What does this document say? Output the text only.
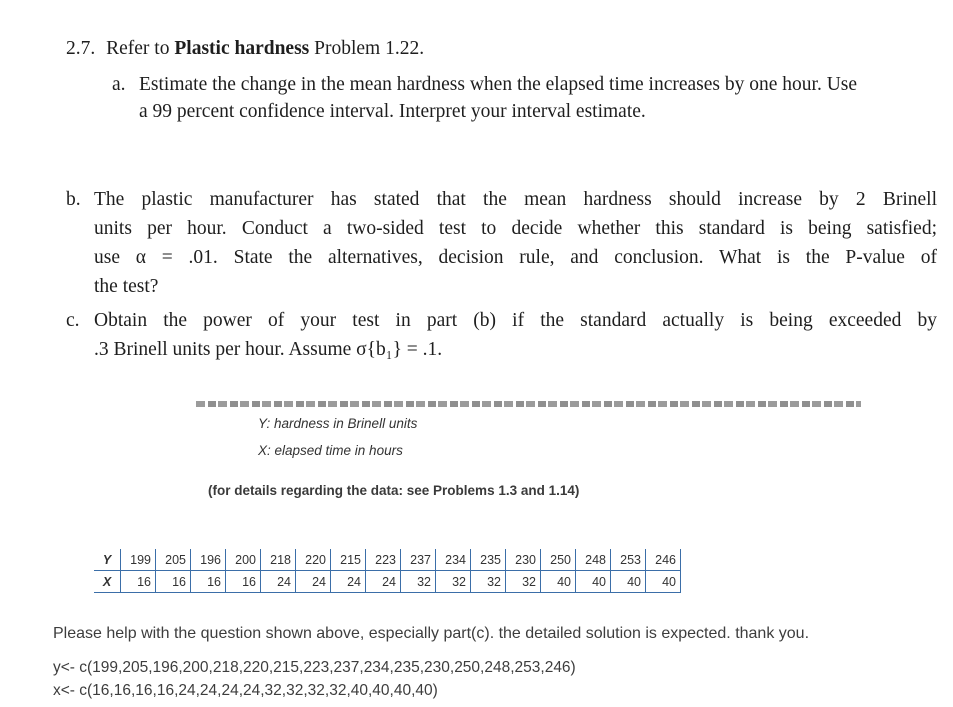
2.7. Refer to Plastic hardness Problem 1.22.
a. Estimate the change in the mean hardness when the elapsed time increases by one hour. Use
a 99 percent confidence interval. Interpret your interval estimate.
b. The plastic manufacturer has stated that the mean hardness should increase by 2 Brinell
units per hour. Conduct a two-sided test to decide whether this standard is being satisfied;
use α = .01. State the alternatives, decision rule, and conclusion. What is the P-value of
the test?
c. Obtain the power of your test in part (b) if the standard actually is being exceeded by
.3 Brinell units per hour. Assume σ{b₁} = .1.
Y: hardness in Brinell units
X: elapsed time in hours
(for details regarding the data: see Problems 1.3 and 1.14)
Y	199	205	196	200	218	220	215	223	237	234	235	230	250	248	253	246
X	16	16	16	16	24	24	24	24	32	32	32	32	40	40	40	40
Please help with the question shown above, especially part(c). the detailed solution is expected. thank you.
y<- c(199,205,196,200,218,220,215,223,237,234,235,230,250,248,253,246)
x<- c(16,16,16,16,24,24,24,24,32,32,32,32,40,40,40,40)
